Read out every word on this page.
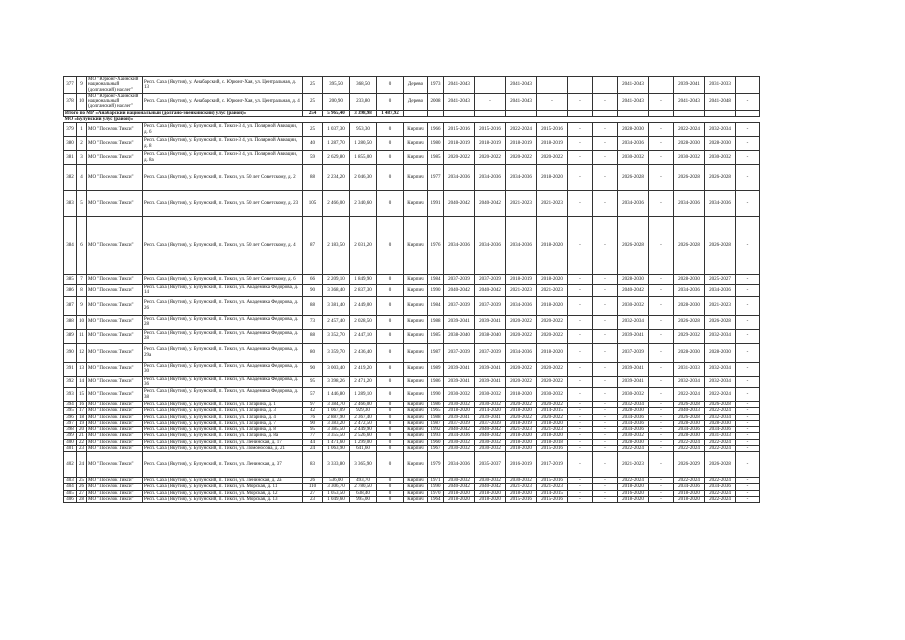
377	9	МО "Юрюнг-Хаинский национальный (долганский) наслег"	Респ. Саха (Якутия), у. Анабарский, с. Юрюнг-Хая, ул. Центральная, д. 13	25	395,50	368,50	0	Дерево	1973	2041-2043		2041-2043				2041-2043		2039-2041	2031-2033	
378	10	МО "Юрюнг-Хаинский национальный (долганский) наслег"	Респ. Саха (Якутия), у. Анабарский, с. Юрюнг-Хая, ул. Центральная, д. 4	25	200,90	233,80	0	Дерево	2008	2041-2043	-	2041-2043	-	-	-	2041-2043	-	2041-2043	2041-2048	-
Итого по МР «Анабарский национальный (долгано-эвенкийский) улус (район)»				254	5 965,40	3 398,98	1 487,92													
МО «Булунский улус (район)»																				
379	1	МО "Поселок Тикси"	Респ. Саха (Якутия), у. Булунский, п. Тикси-3 4, ул. Полярной Авиации, д. 6	25	1 037,30	953,30	0	Кирпич	1966	2015-2016	2015-2016	2022-2024	2015-2016	-	-	2028-2030	-	2022-2024	2032-2034	-
380	2	МО "Поселок Тикси"	Респ. Саха (Якутия), у. Булунский, п. Тикси-3 4, ул. Полярной Авиации, д. 8	40	1 287,70	1 280,50	0	Кирпич	1980	2018-2019	2018-2019	2018-2019	2018-2019	-	-	2034-2036	-	2028-2030	2028-2030	-
381	3	МО "Поселок Тикси"	Респ. Саха (Якутия), у. Булунский, п. Тикси-3 4, ул. Полярной Авиации, д. 8а	59	2 629,80	1 855,00	0	Кирпич	1985	2020-2022	2020-2022	2020-2022	2020-2022	-	-	2030-2032	-	2030-2032	2030-2032	-
382	4	МО "Поселок Тикси"	Респ. Саха (Якутия), у. Булунский, п. Тикси, ул. 50 лет Советскому, д. 2	88	2 234,20	2 046,30	0	Кирпич	1977	2034-2036	2034-2036	2034-2036	2018-2020	-	-	2026-2028	-	2026-2028	2026-2028	-
383	5	МО "Поселок Тикси"	Респ. Саха (Якутия), у. Булунский, п. Тикси, ул. 50 лет Советскому, д. 23	105	2 466,00	2 340,60	0	Кирпич	1991	2040-2042	2040-2042	2021-2023	2021-2023	-	-	2034-2036	-	2034-2036	2034-2036	-
384	6	МО "Поселок Тикси"	Респ. Саха (Якутия), у. Булунский, п. Тикси, ул. 50 лет Советскому, д. 4	87	2 183,50	2 031,20	0	Кирпич	1976	2034-2036	2034-2036	2034-2036	2018-2020	-	-	2026-2028	-	2026-2028	2026-2028	-
385	7	МО "Поселок Тикси"	Респ. Саха (Якутия), у. Булунский, п. Тикси, ул. 50 лет Советскому, д. 6	66	2 209,10	1 849,90	0	Кирпич	1984	2037-2039	2037-2039	2018-2019	2018-2020	-	-	2028-2030	-	2028-2030	2025-2027	-
386	8	МО "Поселок Тикси"	Респ. Саха (Якутия), у. Булунский, п. Тикси, ул. Академика Федорова, д. 14	90	3 368,40	2 837,30	0	Кирпич	1990	2040-2042	2040-2042	2021-2023	2021-2023	-	-	2040-2042	-	2034-2036	2034-2036	-
387	9	МО "Поселок Тикси"	Респ. Саха (Якутия), у. Булунский, п. Тикси, ул. Академика Федорова, д. 26	88	3 381,40	2 449,00	0	Кирпич	1984	2037-2039	2037-2039	2034-2036	2018-2020	-	-	2030-2032	-	2028-2030	2021-2023	-
388	10	МО "Поселок Тикси"	Респ. Саха (Якутия), у. Булунский, п. Тикси, ул. Академика Федорова, д. 28	73	2 457,40	2 028,50	0	Кирпич	1988	2039-2041	2039-2041	2020-2022	2020-2022	-	-	2032-2034	-	2026-2028	2026-2028	-
389	11	МО "Поселок Тикси"	Респ. Саха (Якутия), у. Булунский, п. Тикси, ул. Академика Федорова, д. 28	88	3 352,70	2 447,10	0	Кирпич	1985	2038-2040	2038-2040	2020-2022	2020-2022	-	-	2039-2041	-	2029-2032	2032-2034	-
390	12	МО "Поселок Тикси"	Респ. Саха (Якутия), у. Булунский, п. Тикси, ул. Академика Федорова, д. 29а	80	3 359,70	2 436,40	0	Кирпич	1987	2037-2039	2037-2039	2034-2036	2018-2020	-	-	2037-2039	-	2028-2030	2028-2030	-
391	13	МО "Поселок Тикси"	Респ. Саха (Якутия), у. Булунский, п. Тикси, ул. Академика Федорова, д. 30	90	3 003,40	2 419,20	0	Кирпич	1989	2039-2041	2039-2041	2020-2022	2020-2022	-	-	2039-2041	-	2031-2033	2032-2034	-
392	14	МО "Поселок Тикси"	Респ. Саха (Якутия), у. Булунский, п. Тикси, ул. Академика Федорова, д. 36	95	3 398,26	2 471,20	0	Кирпич	1986	2039-2041	2039-2041	2020-2022	2020-2022	-	-	2039-2041	-	2032-2034	2032-2034	-
393	15	МО "Поселок Тикси"	Респ. Саха (Якутия), у. Булунский, п. Тикси, ул. Академика Федорова, д. 38	57	1 446,80	1 289,10	0	Кирпич	1990	2030-2032	2030-2032	2018-2020	2030-2032	-	-	2030-2032	-	2022-2024	2022-2024	-
394	16	МО "Поселок Тикси"	Респ. Саха (Якутия), у. Булунский, п. Тикси, ул. Гагарина, д. 1	97	3 384,70	2 466,00	0	Кирпич	1986	2030-2032	2030-2032	2020-2022	2020-2022	-	-	2032-2034	-	2026-2028	2026-2028	-
395	17	МО "Поселок Тикси"	Респ. Саха (Якутия), у. Булунский, п. Тикси, ул. Гагарина, д. 3	42	1 067,09	929,30	0	Кирпич	1965	2018-2020	2014-2020	2018-2020	2014-2015	-	-	2028-2030	-	2040-2033	2022-2024	-
396	18	МО "Поселок Тикси"	Респ. Саха (Якутия), у. Булунский, п. Тикси, ул. Гагарина, д. 4	76	2 887,90	2 367,40	0	Кирпич	1988	2039-2041	2039-2041	2020-2022	2020-2022	-	-	2034-2036	-	2026-2028	2032-2034	-
397	19	МО "Поселок Тикси"	Респ. Саха (Якутия), у. Булунский, п. Тикси, ул. Гагарина, д. 7	90	3 383,20	2 472,50	0	Кирпич	1987	2037-2039	2037-2039	2018-2019	2018-2020	-	-	2034-2036	-	2028-2030	2028-2030	-
398	20	МО "Поселок Тикси"	Респ. Саха (Якутия), у. Булунский, п. Тикси, ул. Гагарина, д. 8	95	3 385,50	2 449,90	0	Кирпич	1992	2040-2042	2040-2042	2021-2023	2021-2023	-	-	2034-2036	-	2034-2036	2034-2036	-
399	21	МО "Поселок Тикси"	Респ. Саха (Якутия), у. Булунский, п. Тикси, ул. Гагарина, д. 8а	77	3 355,50	2 526,60	0	Кирпич	1993	2034-2036	2040-2042	2018-2020	2018-2020	-	-	2030-2032	-	2028-2030	2031-2033	-
400	22	МО "Поселок Тикси"	Респ. Саха (Якутия), у. Булунский, п. Тикси, ул. Ленинская, д. 17	44	1 471,60	1 299,00	0	Кирпич	1960	2030-2032	2030-2032	2018-2020	2018-2018	-	-	2028-2030	-	2022-2024	2022-2024	-
401	23	МО "Поселок Тикси"	Респ. Саха (Якутия), у. Булунский, п. Тикси, ул. Ломоносова, д. 21	24	1 063,90	641,60	0	Кирпич	1967	2030-2032	2030-2032	2018-2020	2015-2016	-	-	2022-2024	-	2022-2024	2022-2024	-
402	24	МО "Поселок Тикси"	Респ. Саха (Якутия), у. Булунский, п. Тикси, ул. Ленинская, д. 37	83	3 333,80	3 365,90	0	Кирпич	1979	2034-2036	2035-2037	2016-2019	2017-2019	-	-	2021-2023	-	2026-2029	2026-2028	-
403	25	МО "Поселок Тикси"	Респ. Саха (Якутия), у. Булунский, п. Тикси, ул. Ленинская, д. 2а	26	536,00	493,70	0	Кирпич	1971	2030-2032	2030-2032	2030-2032	2015-2016	-	-	2022-2024	-	2022-2024	2022-2024	-
404	26	МО "Поселок Тикси"	Респ. Саха (Якутия), у. Булунский, п. Тикси, ул. Морская, д. 11	110	3 306,70	2 780,50	0	Кирпич	1990	2040-2042	2040-2042	2021-2023	2021-2023	-	-	2018-2020	-	2034-2036	2034-2036	-
405	27	МО "Поселок Тикси"	Респ. Саха (Якутия), у. Булунский, п. Тикси, ул. Морская, д. 12	27	1 053,50	638,40	0	Кирпич	1970	2018-2020	2018-2020	2018-2020	2014-2015	-	-	2016-2020	-	2018-2020	2022-2024	-
406	28	МО "Поселок Тикси"	Респ. Саха (Якутия), у. Булунский, п. Тикси, ул. Морская, д. 13	23	1 049,60	995,00	0	Кирпич	1964	2018-2020	2018-2020	2015-2016	2015-2016	-	-	2018-2020	-	2018-2020	2022-2024	-
